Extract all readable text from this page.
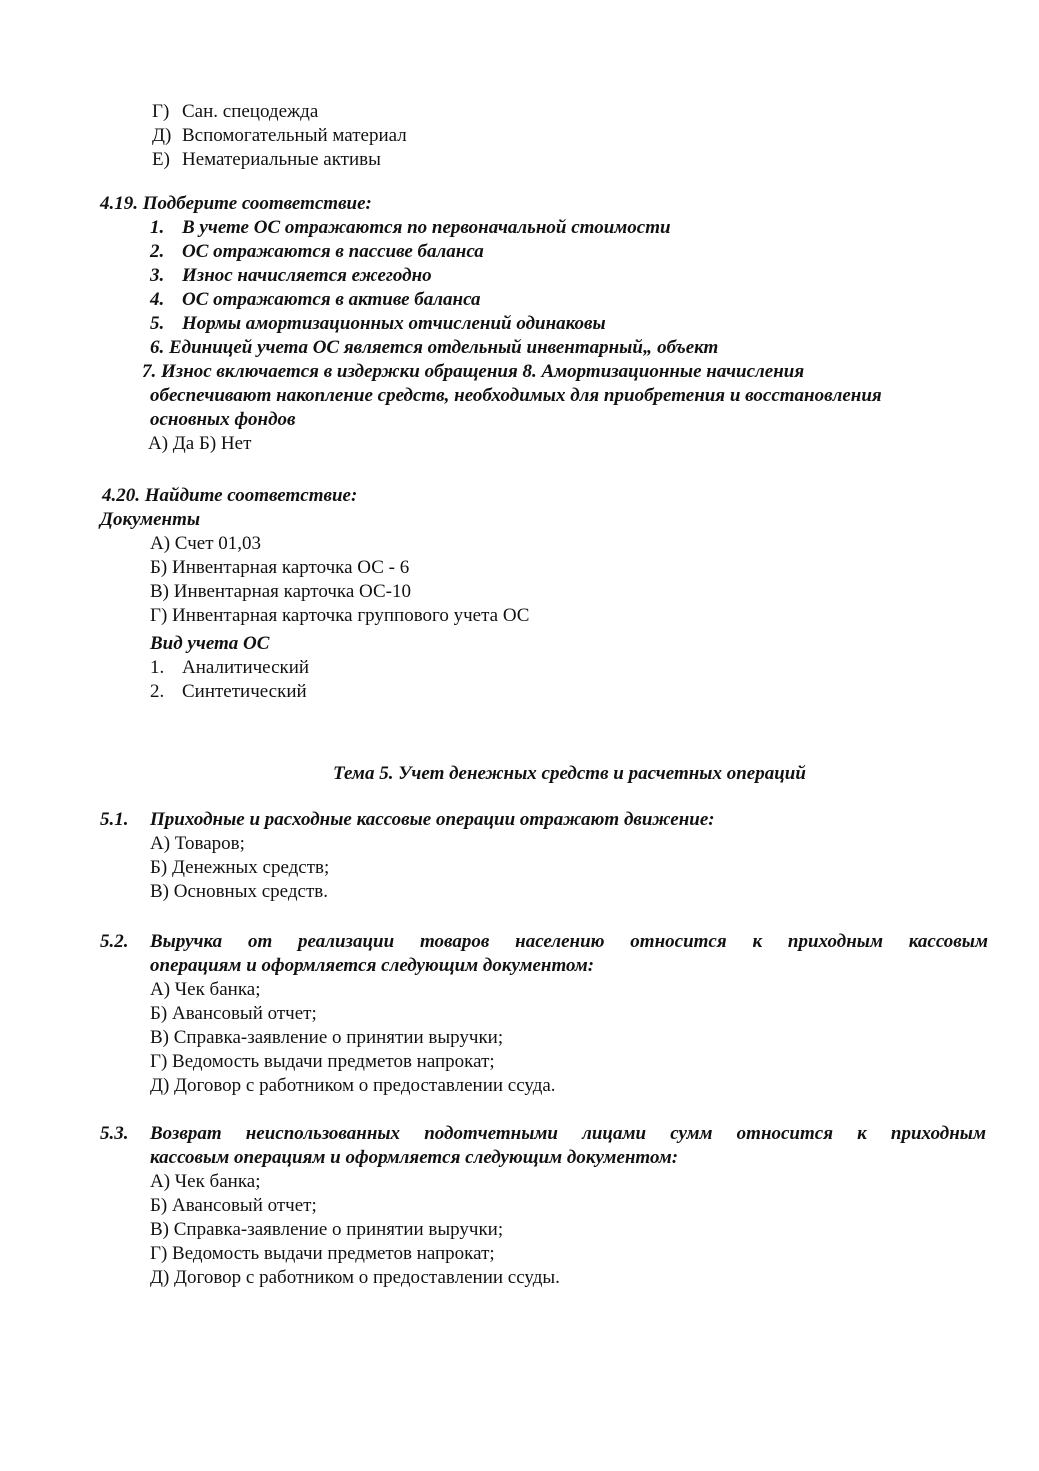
Г) Сан. спецодежда
Д) Вспомогательный материал
Е) Нематериальные активы
4.19. Подберите соответствие:
1. В учете ОС отражаются по первоначальной стоимости
2. ОС отражаются в пассиве баланса
3. Износ начисляется ежегодно
4. ОС отражаются в активе баланса
5. Нормы амортизационных отчислений одинаковы
6. Единицей учета ОС является отдельный инвентарный„ объект
7. Износ включается в издержки обращения 8. Амортизационные начисления
обеспечивают накопление средств, необходимых для приобретения и восстановления
основных фондов
А) Да Б) Нет
4.20. Найдите соответствие:
Документы
А) Счет 01,03
Б) Инвентарная карточка ОС - 6
В) Инвентарная карточка ОС-10
Г) Инвентарная карточка группового учета ОС
Вид учета ОС
1. Аналитический
2. Синтетический
Тема 5. Учет денежных средств и расчетных операций
5.1. Приходные и расходные кассовые операции отражают движение:
А) Товаров;
Б) Денежных средств;
В) Основных средств.
5.2. Выручка от реализации товаров населению относится к приходным кассовым
операциям и оформляется следующим документом:
А) Чек банка;
Б) Авансовый отчет;
В) Справка-заявление о принятии выручки;
Г) Ведомость выдачи предметов напрокат;
Д) Договор с работником о предоставлении ссуда.
5.3. Возврат неиспользованных подотчетными лицами сумм относится к приходным
кассовым операциям и оформляется следующим документом:
А) Чек банка;
Б) Авансовый отчет;
В) Справка-заявление о принятии выручки;
Г) Ведомость выдачи предметов напрокат;
Д) Договор с работником о предоставлении ссуды.
